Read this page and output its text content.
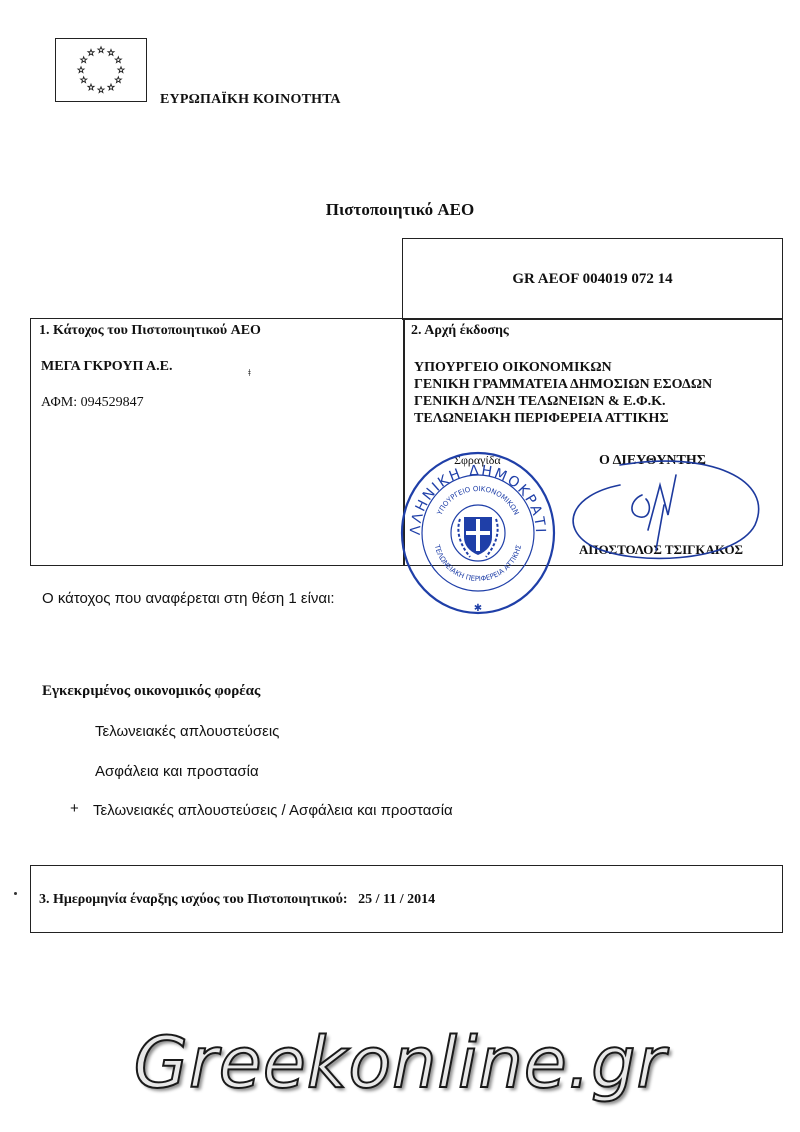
ΕΥΡΩΠΑΪΚΗ ΚΟΙΝΟΤΗΤΑ
Πιστοποιητικό AEO
GR AEOF 004019 072 14
1. Κάτοχος του Πιστοποιητικού AEO
ΜΕΓΑ ΓΚΡΟΥΠ Α.Ε.	ǂ
ΑΦΜ: 094529847
2. Αρχή έκδοσης
ΥΠΟΥΡΓΕΙΟ ΟΙΚΟΝΟΜΙΚΩΝ
ΓΕΝΙΚΗ ΓΡΑΜΜΑΤΕΙΑ ΔΗΜΟΣΙΩΝ ΕΣΟΔΩΝ
ΓΕΝΙΚΗ Δ/ΝΣΗ ΤΕΛΩΝΕΙΩΝ & Ε.Φ.Κ.
ΤΕΛΩΝΕΙΑΚΗ ΠΕΡΙΦΕΡΕΙΑ ΑΤΤΙΚΗΣ
Σφραγίδα	Ο ΔΙΕΥΘΥΝΤΗΣ
ΑΠΟΣΤΟΛΟΣ ΤΣΙΓΚΑΚΟΣ
ΛΛΗΝΙΚΗ ΔΗΜΟΚΡΑΤΙ
ΥΠΟΥΡΓΕΙΟ ΟΙΚΟΝΟΜΙΚΩΝ
ΤΕΛΩΝΕΙΑΚΗ ΠΕΡΙΦΕΡΕΙΑ ΑΤΤΙΚΗΣ
✱
Ο κάτοχος που αναφέρεται στη θέση 1 είναι:
Εγκεκριμένος οικονομικός φορέας
Τελωνειακές απλουστεύσεις
Ασφάλεια και προστασία
+ Τελωνειακές απλουστεύσεις / Ασφάλεια και προστασία
3. Ημερομηνία έναρξης ισχύος του Πιστοποιητικού: 25 / 11 / 2014
Greekonline.gr
